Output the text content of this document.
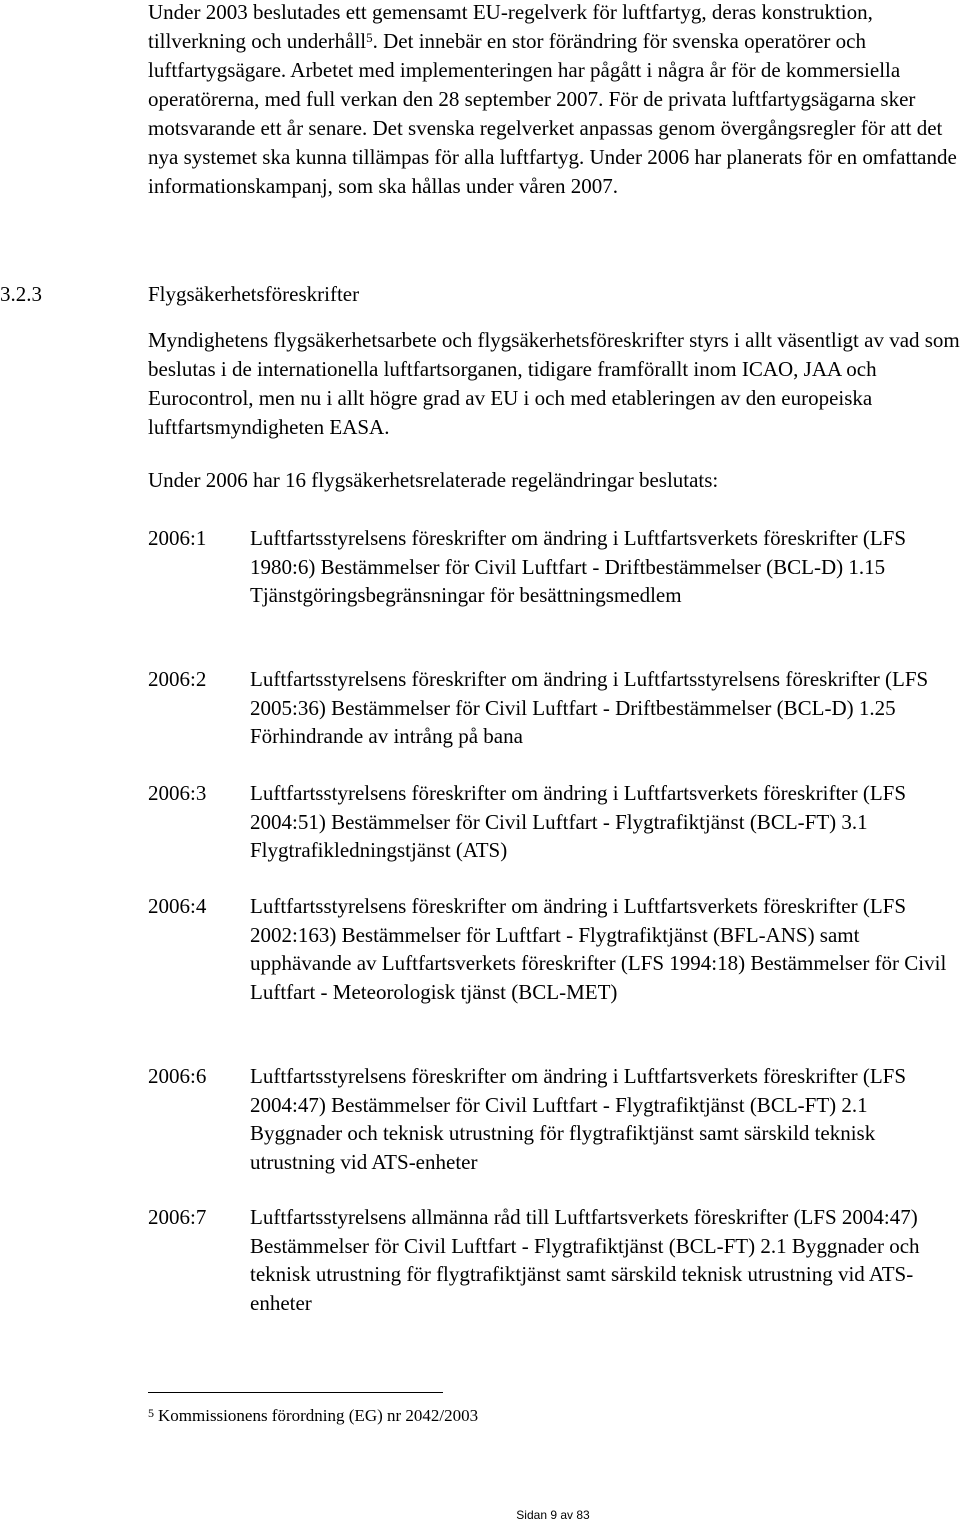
Under 2003 beslutades ett gemensamt EU-regelverk för luftfartyg, deras konstruktion, tillverkning och underhåll$^5$. Det innebär en stor förändring för svenska operatörer och luftfartygsägare. Arbetet med implementeringen har pågått i några år för de kommersiella operatörerna, med full verkan den 28 september 2007. För de privata luftfartygsägarna sker motsvarande ett år senare. Det svenska regelverket anpassas genom övergångsregler för att det nya systemet ska kunna tillämpas för alla luftfartyg. Under 2006 har planerats för en omfattande informationskampanj, som ska hållas under våren 2007.

3.2.3	Flygsäkerhetsföreskrifter

Myndighetens flygsäkerhetsarbete och flygsäkerhetsföreskrifter styrs i allt väsentligt av vad som beslutas i de internationella luftfartsorganen, tidigare framförallt inom ICAO, JAA och Eurocontrol, men nu i allt högre grad av EU i och med etableringen av den europeiska luftfartsmyndigheten EASA.

Under 2006 har 16 flygsäkerhetsrelaterade regeländringar beslutats:

2006:1 Luftfartsstyrelsens föreskrifter om ändring i Luftfartsverkets föreskrifter (LFS 1980:6) Bestämmelser för Civil Luftfart - Driftbestämmelser (BCL-D) 1.15 Tjänstgöringsbegränsningar för besättningsmedlem
2006:2 Luftfartsstyrelsens föreskrifter om ändring i Luftfartsstyrelsens föreskrifter (LFS 2005:36) Bestämmelser för Civil Luftfart - Driftbestämmelser (BCL-D) 1.25 Förhindrande av intrång på bana
2006:3 Luftfartsstyrelsens föreskrifter om ändring i Luftfartsverkets föreskrifter (LFS 2004:51) Bestämmelser för Civil Luftfart - Flygtrafiktjänst (BCL-FT) 3.1 Flygtrafikledningstjänst (ATS)
2006:4 Luftfartsstyrelsens föreskrifter om ändring i Luftfartsverkets föreskrifter (LFS 2002:163) Bestämmelser för Luftfart - Flygtrafiktjänst (BFL-ANS) samt upphävande av Luftfartsverkets föreskrifter (LFS 1994:18) Bestämmelser för Civil Luftfart - Meteorologisk tjänst (BCL-MET)
2006:6 Luftfartsstyrelsens föreskrifter om ändring i Luftfartsverkets föreskrifter (LFS 2004:47) Bestämmelser för Civil Luftfart - Flygtrafiktjänst (BCL-FT) 2.1 Byggnader och teknisk utrustning för flygtrafiktjänst samt särskild teknisk utrustning vid ATS-enheter
2006:7 Luftfartsstyrelsens allmänna råd till Luftfartsverkets föreskrifter (LFS 2004:47) Bestämmelser för Civil Luftfart - Flygtrafiktjänst (BCL-FT) 2.1 Byggnader och teknisk utrustning för flygtrafiktjänst samt särskild teknisk utrustning vid ATS-enheter
$^5$ Kommissionens förordning (EG) nr 2042/2003
Sidan 9 av 83
